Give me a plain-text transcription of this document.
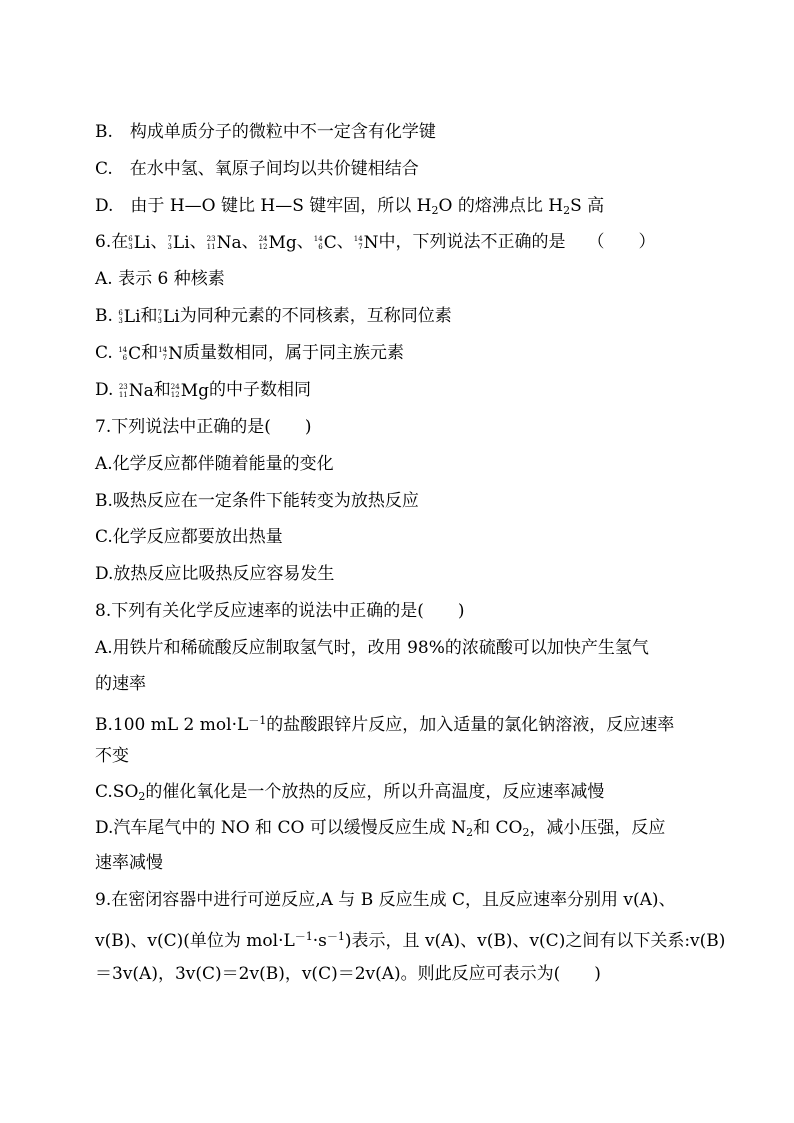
B.　构成单质分子的微粒中不一定含有化学键
C.　在水中氢、氧原子间均以共价键相结合
D.　由于 H—O 键比 H—S 键牢固，所以 $H_2O$ 的熔沸点比 $H_2S$ 高
6.在 6
3 Li 、 7
3 Li 、 23
11 Na 、 24
12 Mg 、 14
6 C 、 14
7 N 中，下列说法不正确的是 （　　）
A. 表示 6 种核素
B. 6
3 Li 和 7
3 Li 为同种元素的不同核素，互称同位素
C. 14
6 C 和 14
7 N 质量数相同，属于同主族元素
D. 23
11 Na 和 24
12 Mg 的中子数相同
7.下列说法中正确的是(　　)
A.化学反应都伴随着能量的变化
B.吸热反应在一定条件下能转变为放热反应
C.化学反应都要放出热量
D.放热反应比吸热反应容易发生
8.下列有关化学反应速率的说法中正确的是(　　)
A.用铁片和稀硫酸反应制取氢气时，改用 98%的浓硫酸可以加快产生氢气
的速率
B.100 mL 2 $mol\cdot L^{-1}$的盐酸跟锌片反应，加入适量的氯化钠溶液，反应速率
不变
$C.SO_2$的催化氧化是一个放热的反应，所以升高温度，反应速率减慢
D.汽车尾气中的 NO 和 CO 可以缓慢反应生成 $N_2$和 $CO_2$，减小压强，反应
速率减慢
9.在密闭容器中进行可逆反应,A 与 B 反应生成 C，且反应速率分别用 v(A)、
v(B)、v(C)(单位为 $mol\cdot L^{-1}\cdot s^{-1}$)表示，且 v(A)、v(B)、v(C)之间有以下关系:v(B)
＝3v(A)，3v(C)＝2v(B)，v(C)＝2v(A)。则此反应可表示为(　　)
